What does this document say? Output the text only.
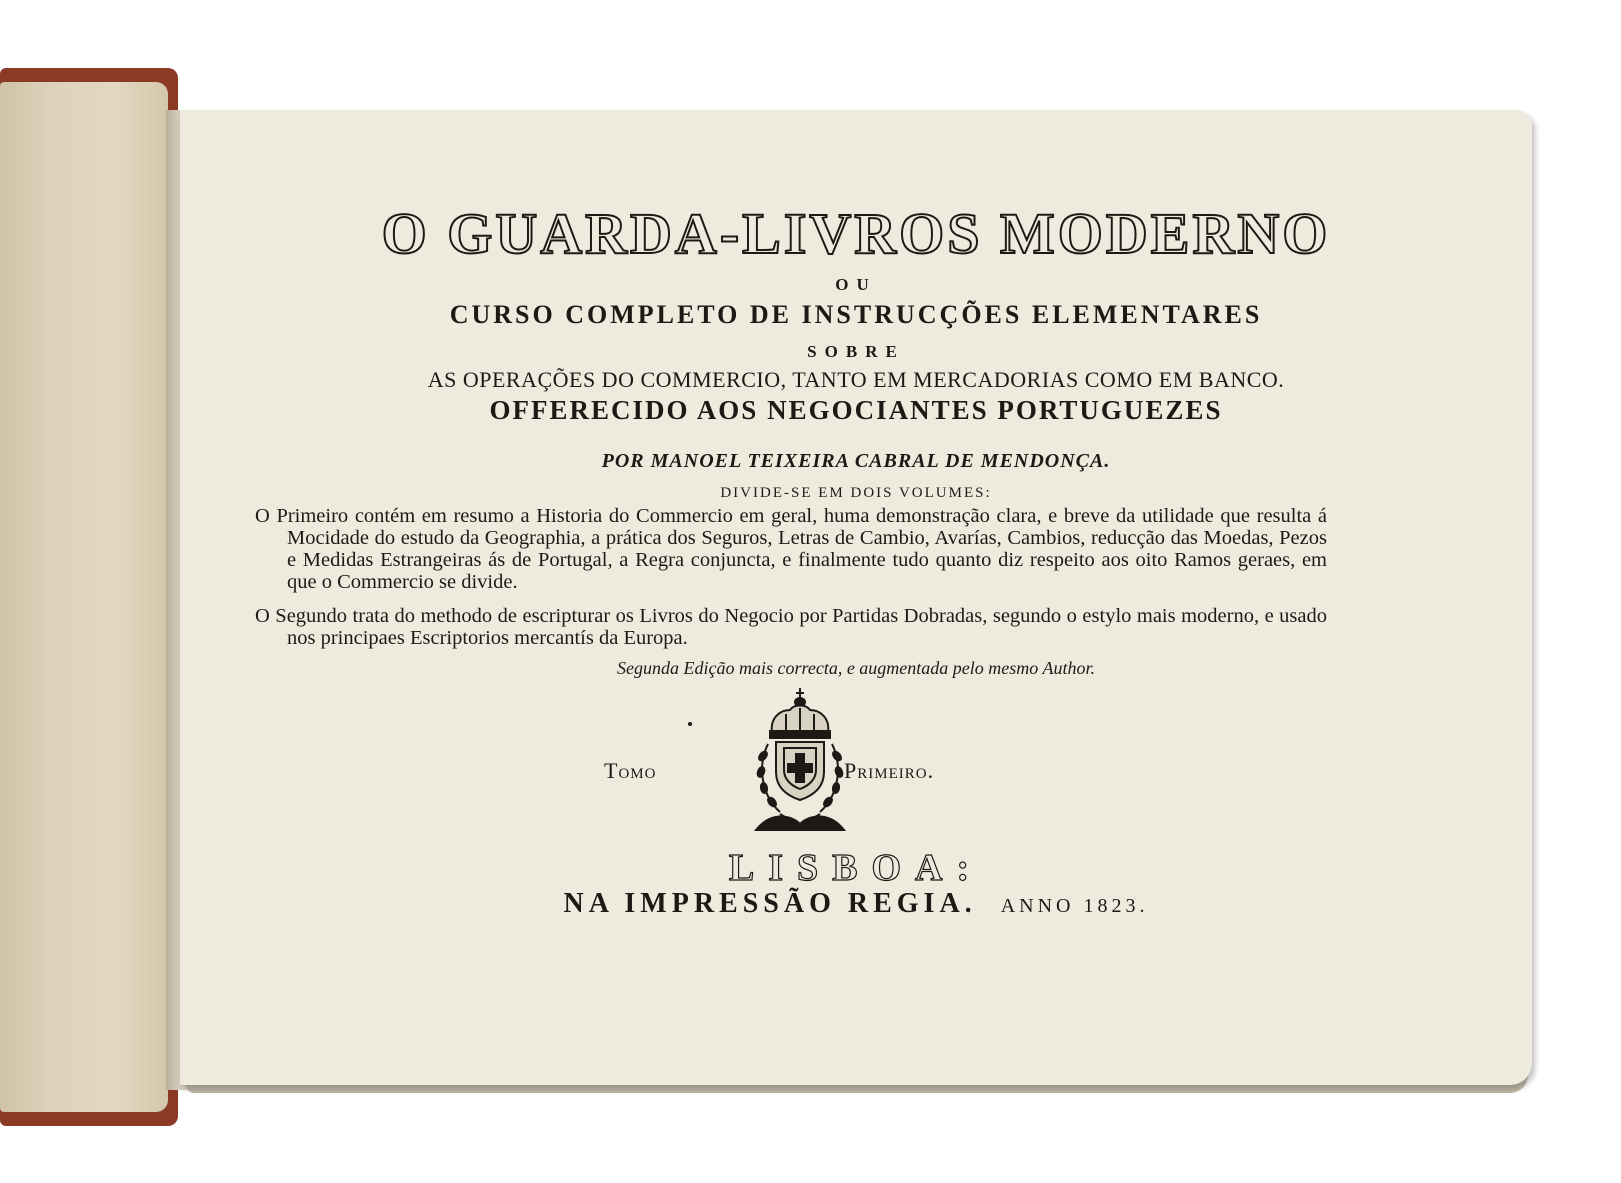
O GUARDA-LIVROS MODERNO
OU
CURSO COMPLETO DE INSTRUCÇÕES ELEMENTARES
SOBRE
AS OPERAÇÕES DO COMMERCIO, TANTO EM MERCADORIAS COMO EM BANCO.
OFFERECIDO AOS NEGOCIANTES PORTUGUEZES
POR MANOEL TEIXEIRA CABRAL DE MENDONÇA.
DIVIDE-SE EM DOIS VOLUMES:
O Primeiro contém em resumo a Historia do Commercio em geral, huma demonstração clara, e breve da utilidade que resulta á Mocidade do estudo da Geographia, a prática dos Seguros, Letras de Cambio, Avarías, Cambios, reducção das Moedas, Pezos e Medidas Estrangeiras ás de Portugal, a Regra conjuncta, e finalmente tudo quanto diz respeito aos oito Ramos geraes, em que o Commercio se divide.
O Segundo trata do methodo de escripturar os Livros do Negocio por Partidas Dobradas, segundo o estylo mais moderno, e usado nos principaes Escriptorios mercantís da Europa.
Segunda Edição mais correcta, e augmentada pelo mesmo Author.
Tomo	Primeiro.
LISBOA:
NA IMPRESSÃO REGIA. ANNO 1823.
